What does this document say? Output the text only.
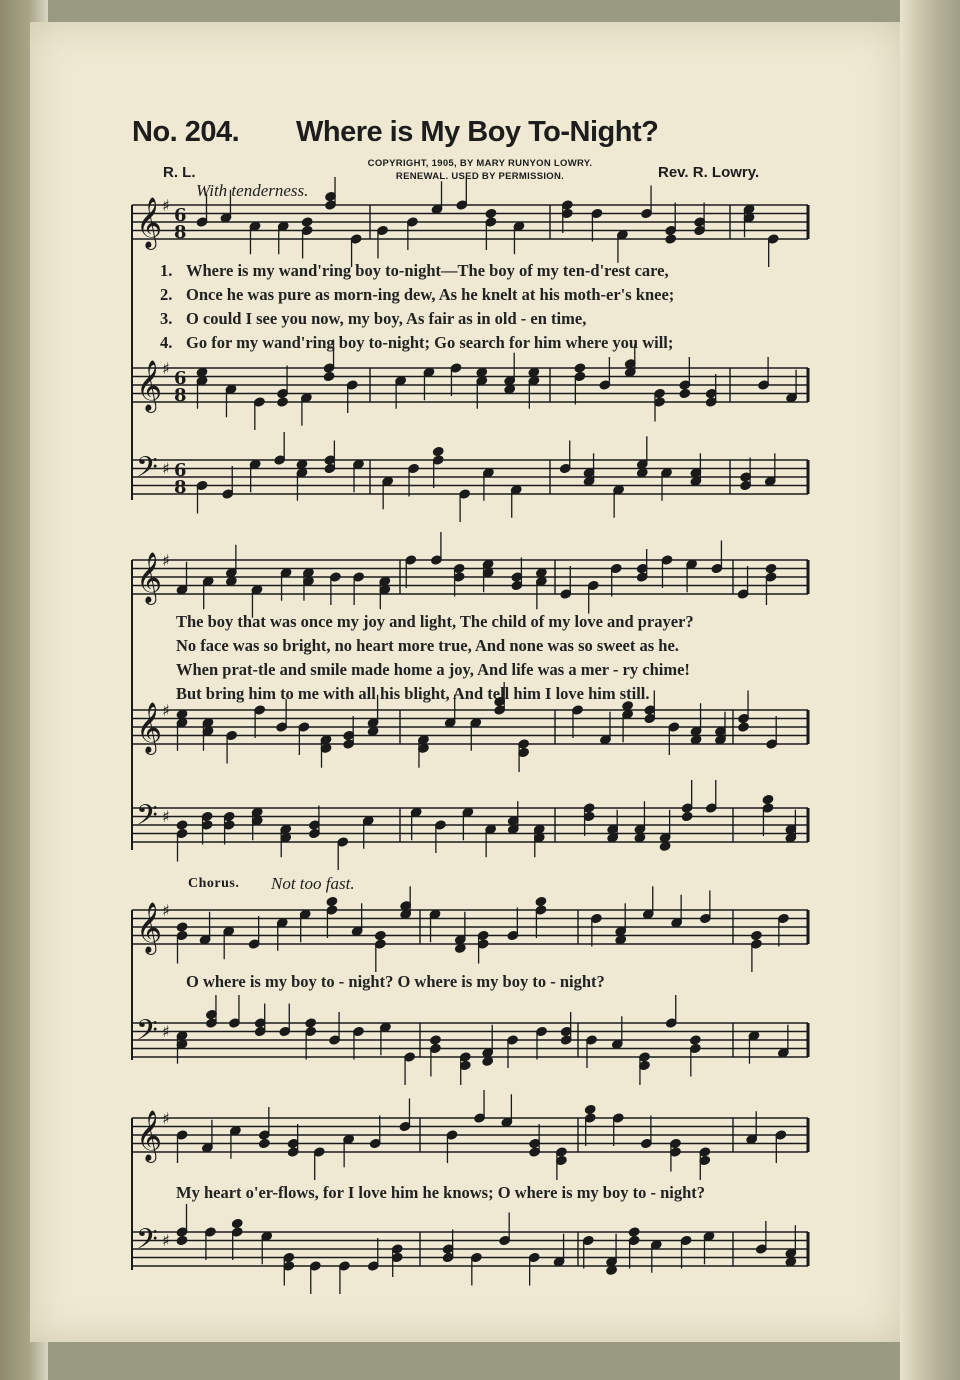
No. 204. Where is My Boy To-Night?
R. L.
COPYRIGHT, 1905, BY MARY RUNYON LOWRY.
RENEWAL. USED BY PERMISSION.	Rev. R. Lowry.
With tenderness.
Chorus. Not too fast.
𝄞 ♯ 6
8
𝄞 ♯ 6
8
𝄢 ♯ 6
8
𝄞 ♯
𝄞 ♯
𝄢 ♯
𝄞 ♯
𝄢 ♯
𝄞 ♯
𝄢 ♯
1. Where is my wand'ring boy to-night—The boy of my ten-d'rest care,
2. Once he was pure as morn-ing dew, As he knelt at his moth-er's knee;
3. O could I see you now, my boy, As fair as in old - en time,
4. Go for my wand'ring boy to-night; Go search for him where you will;
The boy that was once my joy and light, The child of my love and prayer?
No face was so bright, no heart more true, And none was so sweet as he.
When prat-tle and smile made home a joy, And life was a mer - ry chime!
But bring him to me with all his blight, And tell him I love him still.
O where is my boy to - night? O where is my boy to - night?
My heart o'er-flows, for I love him he knows; O where is my boy to - night?
